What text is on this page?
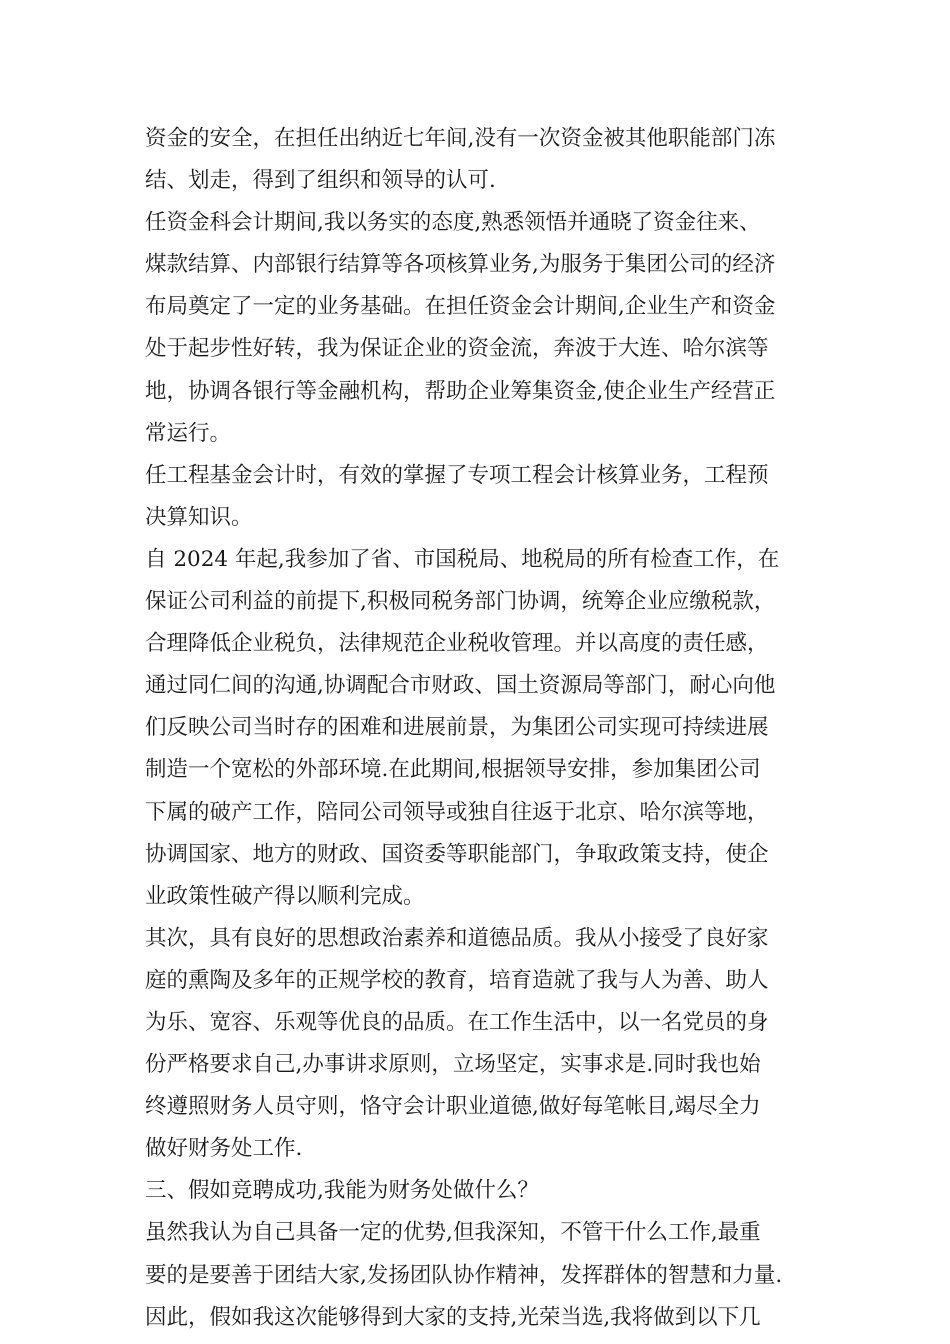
资金的安全，在担任出纳近七年间,没有一次资金被其他职能部门冻
结、划走，得到了组织和领导的认可.
任资金科会计期间,我以务实的态度,熟悉领悟并通晓了资金往来、
煤款结算、内部银行结算等各项核算业务,为服务于集团公司的经济
布局奠定了一定的业务基础。在担任资金会计期间,企业生产和资金
处于起步性好转，我为保证企业的资金流，奔波于大连、哈尔滨等
地，协调各银行等金融机构，帮助企业筹集资金,使企业生产经营正
常运行。
任工程基金会计时，有效的掌握了专项工程会计核算业务，工程预
决算知识。
自 2024 年起,我参加了省、市国税局、地税局的所有检查工作，在
保证公司利益的前提下,积极同税务部门协调，统筹企业应缴税款，
合理降低企业税负，法律规范企业税收管理。并以高度的责任感，
通过同仁间的沟通,协调配合市财政、国土资源局等部门，耐心向他
们反映公司当时存的困难和进展前景，为集团公司实现可持续进展
制造一个宽松的外部环境.在此期间,根据领导安排，参加集团公司
下属的破产工作，陪同公司领导或独自往返于北京、哈尔滨等地，
协调国家、地方的财政、国资委等职能部门，争取政策支持，使企
业政策性破产得以顺利完成。
其次，具有良好的思想政治素养和道德品质。我从小接受了良好家
庭的熏陶及多年的正规学校的教育，培育造就了我与人为善、助人
为乐、宽容、乐观等优良的品质。在工作生活中，以一名党员的身
份严格要求自己,办事讲求原则，立场坚定，实事求是.同时我也始
终遵照财务人员守则，恪守会计职业道德,做好每笔帐目,竭尽全力
做好财务处工作.
三、假如竞聘成功,我能为财务处做什么？
虽然我认为自己具备一定的优势,但我深知，不管干什么工作,最重
要的是要善于团结大家,发扬团队协作精神，发挥群体的智慧和力量.
因此，假如我这次能够得到大家的支持,光荣当选,我将做到以下几
